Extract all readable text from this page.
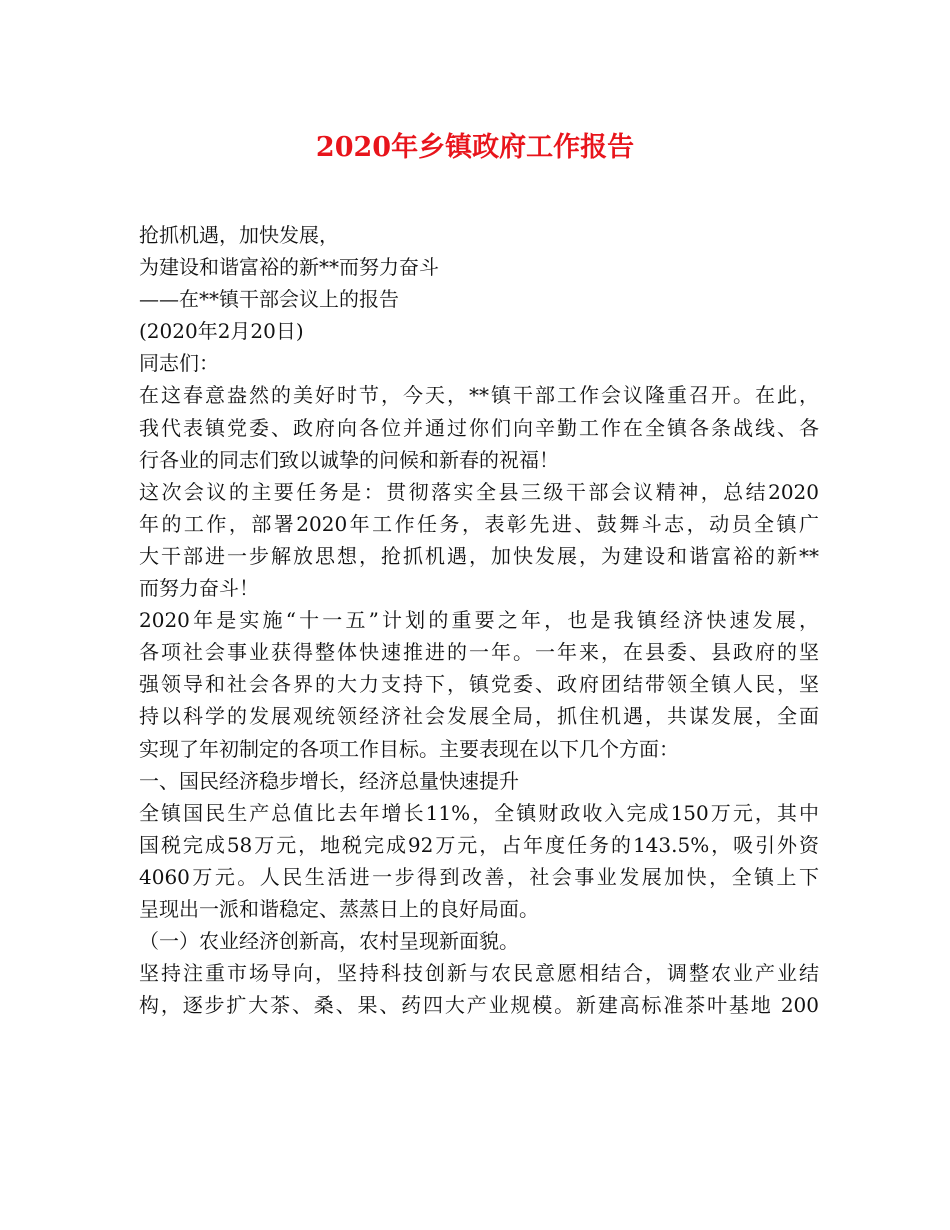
2020年乡镇政府工作报告
抢抓机遇，加快发展，
为建设和谐富裕的新**而努力奋斗
——在**镇干部会议上的报告
(2020年2月20日)
同志们：
在这春意盎然的美好时节，今天，**镇干部工作会议隆重召开。在此，
我代表镇党委、政府向各位并通过你们向辛勤工作在全镇各条战线、各
行各业的同志们致以诚挚的问候和新春的祝福！
这次会议的主要任务是：贯彻落实全县三级干部会议精神，总结2020
年的工作，部署2020年工作任务，表彰先进、鼓舞斗志，动员全镇广
大干部进一步解放思想，抢抓机遇，加快发展，为建设和谐富裕的新**
而努力奋斗！
2020年是实施“十一五”计划的重要之年，也是我镇经济快速发展，
各项社会事业获得整体快速推进的一年。一年来，在县委、县政府的坚
强领导和社会各界的大力支持下，镇党委、政府团结带领全镇人民，坚
持以科学的发展观统领经济社会发展全局，抓住机遇，共谋发展，全面
实现了年初制定的各项工作目标。主要表现在以下几个方面：
一、国民经济稳步增长，经济总量快速提升
全镇国民生产总值比去年增长11%，全镇财政收入完成150万元，其中
国税完成58万元，地税完成92万元，占年度任务的143.5%，吸引外资
4060万元。人民生活进一步得到改善，社会事业发展加快，全镇上下
呈现出一派和谐稳定、蒸蒸日上的良好局面。
（一）农业经济创新高，农村呈现新面貌。
坚持注重市场导向，坚持科技创新与农民意愿相结合，调整农业产业结
构，逐步扩大茶、桑、果、药四大产业规模。新建高标准茶叶基地 200
